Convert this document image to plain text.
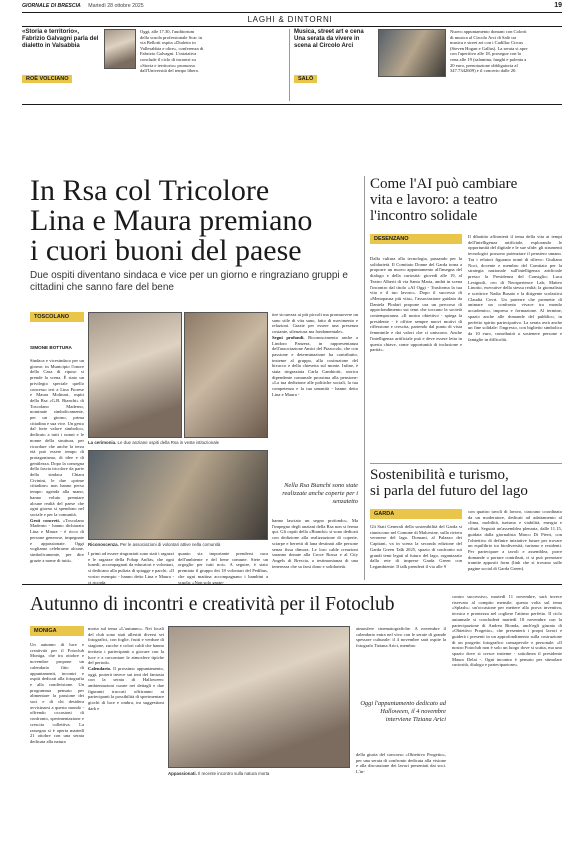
GIORNALE DI BRESCIA Martedì 28 ottobre 2025	19
LAGHI & DINTORNI
«Storia e territorio», Fabrizio Galvagni parla del dialetto in Valsabbia
ROÈ VOLCIANO
Oggi, alle 17.30, l'auditorium della scuola professionale Scac in via Bellotti ospita «Dialetto in Vallesabbia e oltre», conferenza di Fabrizio Galvagni. L'iniziativa conclude il ciclo di incontri su «Storia e territorio» promosso dall'Università del tempo libero.
Musica, street art e cena Una serata da vivere in scena al Circolo Arci
SALÒ
Nuovo appuntamento domani con Colorti di musica al Circolo Arci di Salò tra musica e street art con i Cadillac Circus (Steven Hogan e Gallus). La serata si apre con l'aperitivo alle 18, prosegue con la cena alle 19 (salamina, funghi e polenta a 20 euro, prenotazione obbligatoria al 347.7342609) e il concerto dalle 20.
In Rsa col Tricolore
Lina e Maura premiano
i cuori buoni del paese
Due ospiti diventano sindaca e vice per un giorno e ringraziano gruppi e cittadini che sanno fare del bene
TOSCOLANO
SIMONE BOTTURA
Sindaca e vicesindaco per un giorno: in Municipio l'onore della Casa di riposo si prende la scena. È stato un privilegio speciale quello concesso ieri a Lina Fiorese e Maura Molinari, ospiti della Rsa «G.B. Bianchi» di Toscolano Maderno, nominate simbolicamente, per un giorno, prima cittadina e sua vice. Un gesto dal forte valore simbolico, dedicato a tutti i nonni e le nonne della struttura, per ricordare che anche la terza età può essere tempo di protagonismo, di idee e di gentilezza. Dopo la consegna della fascia tricolore da parte della sindaca Chiara Civinini, le due «prime cittadine» non hanno perso tempo: agenda alla mano, hanno voluto premiare alcune realtà del paese che ogni giorno si spendono nel sociale e per la comunità.
Gesti concreti. «Toscolano Maderno - hanno dichiarato Lina e Maura - è ricco di persone generose, impegnate e appassionate. Oggi vogliamo celebrarne alcune, simbolicamente, per dire grazie a nome di tutti».
La cerimonia. Le due anziane ospiti della Rsa in veste istituzionale
Riconoscenza. Per le associazioni di volontari attive nella comunità
I primi ad essere ringraziati sono stati i ragazzi e le ragazze della Fobap Anffas, che ogni lunedì, accompagnati da educatori e volontari, si dedicano alla pulizia di spiagge e parchi. «Il vostro esempio - hanno detto Lina e Maura - ci ricorda
quanto sia importante prendersi cura dell'ambiente e del bene comune. Siete un orgoglio per tutti noi». A seguire, è stato premiato il gruppo dei 18 volontari del Pedibus, che ogni mattina accompagnano i bambini a scuola: «Non solo garan-
tire sicurezza ai più piccoli ma promuovere un sano stile di vita sano, fatto di movimento e relazioni. Grazie per essere una presenza costante, silenziosa ma fondamentale».
Segni profondi. Riconoscimento anche a Lindoro Panzera, in rappresentanza dell'associazione Amici del Pizzocolo, che con passione e determinazione ha contribuito, insieme al gruppo, alla costruzione del bivacco e della chiesetta sul monte. Infine, è stata ringraziata Carla Cambiotti, storica dipendente comunale prossima alla pensione: «La tua dedizione alle politiche sociali, la tua competenza e la tua umanità - hanno detto Lina e Maura -
Nella Rsa Bianchi sono state realizzate anche coperte per i senzatetto
hanno lasciato un segno profondo». Ma l'impegno degli anziani della Rsa non si ferma qui. Gli ospiti della «Bianchi» si sono dedicati con dedizione alla realizzazione di coperte, sciarpe e berretti di lana destinati alle persone senza fissa dimora. Le loro calde creazioni saranno donate alla Croce Rossa e al City Angels di Brescia, a testimonianza di una tenerezza che sa farsi dono e solidarietà.
Come l'AI può cambiare
vita e lavoro: a teatro
l'incontro solidale
DESENZANO
Dalla cultura alla tecnologia, passando per la solidarietà. Il Comitato Donne del Garda torna a proporre un nuovo appuntamento all'insegna del dialogo e della curiosità: giovedì alle 19, al Teatro Alberti di via Santa Maria, andrà in scena l'incontro dal titolo «AI Oggi - Trasforma la tua vita e il tuo lavoro». Dopo il successo di «Menopausa più vita», l'associazione guidata da Daniela Plodari propone ora un percorso di approfondimento sui temi che toccano la società contemporanea. «Il nostro obiettivo - spiega la presidente - è offrire sempre nuovi motivi di riflessione e crescita, partendo dal punto di vista femminile e dai valori che ci uniscono. Anche l'intelligenza artificiale può e deve essere letta in questa chiave, come opportunità di inclusione e parità».
Il dibattito affronterà il tema della vita ai tempi dell'intelligenza artificiale, esplorando le opportunità del digitale e le sue sfide: gli strumenti tecnologici possono potenziare il pensiero umano. Tra i relatori figurano nomi di rilievo: Giuliano Noci, docente e membro del Comitato per la strategia nazionale sull'intelligenza artificiale presso la Presidenza del Consiglio; Luca Lesignoli, ceo di Neosperience Lab; Matteo Linotto, executive della stessa realtà; la giornalista e scrittrice Nadia Busato e la dirigente scolastica Claudia Covri. Un parterre che promette di animare un confronto vivace tra mondo accademico, impresa e formazione. Al termine, spazio anche alle domande del pubblico, in perfetto spirito partecipativo. La serata avrà anche un fine solidale: l'ingresso, con biglietto simbolico da 10 euro, contribuirà a sostenere persone e famiglie in difficoltà.
Sostenibilità e turismo,
si parla del futuro del lago
GARDA
Gli Stati Generali della sostenibilità del Garda si riuniscono nel Comune di Malcesine, sulla riviera veronese del lago. Domani, al Palazzo dei Capitani, va in scena la seconda edizione del Garda Green Talk 2025, spazio di confronto sui grandi temi legati al futuro del lago, organizzato dalla rete di imprese Garda Green con Legambiente. Il talk prenderà il via alle 9
con quattro tavoli di lavoro, ciascuno coordinato da un moderatore, dedicati ad adattamento al clima, mobilità, turismo e viabilità, energia e rifiuti. Seguirà un'assemblea plenaria, dalle 11.15, guidata dalla giornalista Marco Di Pierri, con l'obiettivo di definire iniziative future per trovare un equilibrio tra biodiversità, turismo e residenti. Per partecipare a tavoli e assemblea, porre domande o portare contributi, ci si può prenotare tramite appositi form (link che si trovano sulle pagine social di Garda Green).
Autunno di incontri e creatività per il Fotoclub
MONIGA
Un autunno di luce e creatività per il Fotoclub Moniga, che tra ottobre e novembre propone un calendario fitto di appuntamenti, incontri e ospiti dedicati alla fotografia e alla condivisione. Un programma pensato per alimentare la passione dei soci e di chi desidera avvicinarsi a questo mondo - offrendo occasioni di confronto, sperimentazione e crescita collettiva. La rassegna si è aperta martedì 21 ottobre con una serata dedicata alla natura
morta sul tema «L'autunno». Nei locali del club sono stati allestiti diversi set fotografici, con foglie, frutti e verdure di stagione, zucche e colori caldi che hanno invitato i partecipanti a giocare con la luce e a raccontare le atmosfere tipiche del periodo.
Calendario. Il prossimo appuntamento, oggi, porterà invece sui toni del fantasia con la serata di Halloween: ambientazioni curate nei dettagli e due figuranti truccati offriranno ai partecipanti la possibilità di sperimentare giochi di luce e ombra, tra suggestioni dark e
Appassionati. Il recente incontro sulla natura morta
atmosfere cinematografiche. A novembre il calendario entra nel vivo con le serate di grande spessore culturale: il 4 novembre sarà ospite la fotografa Tiziana Arici, membro
Oggi l'appuntamento dedicato ad Halloween, il 4 novembre interviene Tiziana Arici
della giuria del concorso «Obiettivo Progetto», per una serata di confronto dedicata alla visione e alla discussione dei lavori presentati dai soci. L'in-
contro successivo, martedì 11 novembre, sarà invece riservato al compito mensile, questa volta sul tema «Splash»: un'occasione per mettere alla prova inventiva, tecnica e prontezza nel cogliere l'attimo perfetto. Il ciclo autunnale si concluderà martedì 18 novembre con la partecipazione di Andrea Bionda, anch'egli giurato di «Obiettivo Progetto», che presenterà i propri lavori e guiderà i presenti in un approfondimento sulla costruzione di un progetto fotografico consapevole e personale. «Il nostro Fotoclub non è solo un luogo dove si scatta, ma uno spazio dove si cresce insieme - sottolinea il presidente Mauro Delai -. Ogni incontro è pensato per stimolare curiosità, dialogo e partecipazione».
